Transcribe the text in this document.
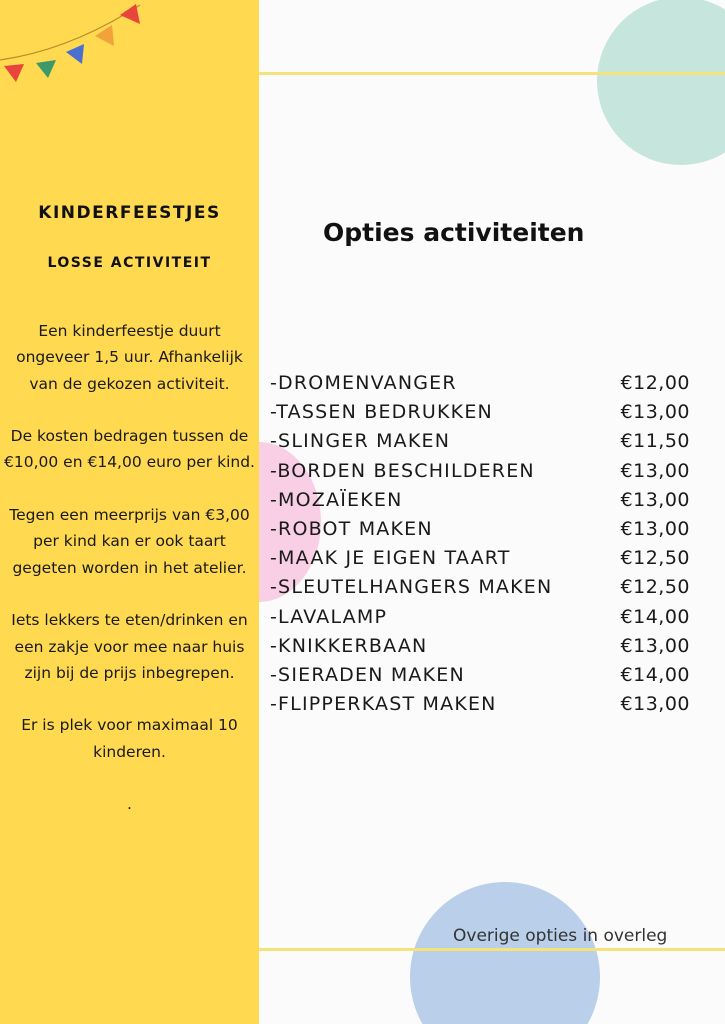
KINDERFEESTJES
LOSSE ACTIVITEIT

Een kinderfeestje duurt ongeveer 1,5 uur. Afhankelijk van de gekozen activiteit.

De kosten bedragen tussen de €10,00 en €14,00 euro per kind.

Tegen een meerprijs van €3,00 per kind kan er ook taart gegeten worden in het atelier.

Iets lekkers te eten/drinken en een zakje voor mee naar huis zijn bij de prijs inbegrepen.

Er is plek voor maximaal 10 kinderen.

.

Opties activiteiten
-DROMENVANGER	€12,00
-TASSEN BEDRUKKEN	€13,00
-SLINGER MAKEN	€11,50
-BORDEN BESCHILDEREN	€13,00
-MOZAÏEKEN	€13,00
-ROBOT MAKEN	€13,00
-MAAK JE EIGEN TAART	€12,50
-SLEUTELHANGERS MAKEN	€12,50
-LAVALAMP	€14,00
-KNIKKERBAAN	€13,00
-SIERADEN MAKEN	€14,00
-FLIPPERKAST MAKEN	€13,00
Overige opties in overleg
